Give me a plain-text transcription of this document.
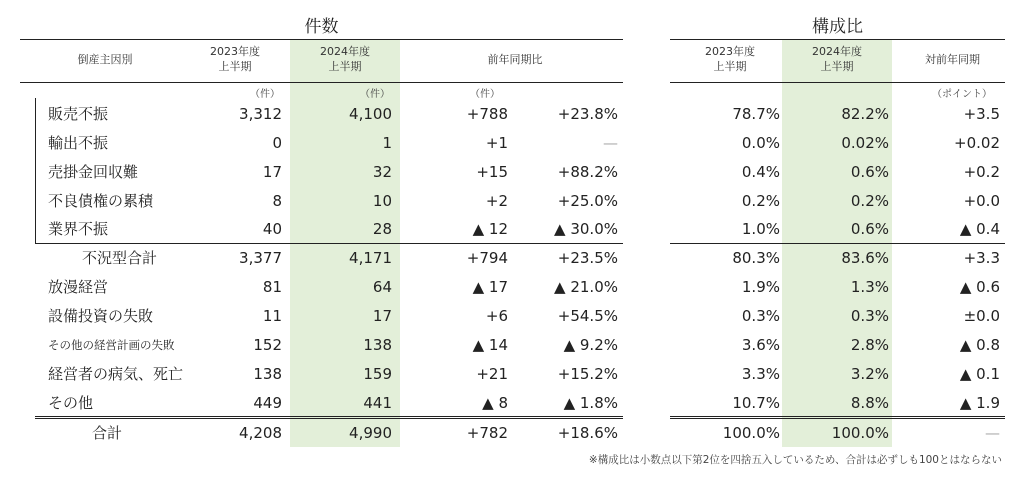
件数	構成比
倒産主因別
2023年度
上半期
2024年度
上半期
前年同期比
2023年度
上半期
2024年度
上半期
対前年同期
（件）	（件）	（件）	（ポイント）
販売不振	3,312	4,100	+788	+23.8%	78.7%	82.2%	+3.5
輸出不振	0	1	+1	—	0.0%	0.02%	+0.02
売掛金回収難	17	32	+15	+88.2%	0.4%	0.6%	+0.2
不良債権の累積	8	10	+2	+25.0%	0.2%	0.2%	+0.0
業界不振	40	28	▲ 12	▲ 30.0%	1.0%	0.6%	▲ 0.4
不況型合計	3,377	4,171	+794	+23.5%	80.3%	83.6%	+3.3
放漫経営	81	64	▲ 17	▲ 21.0%	1.9%	1.3%	▲ 0.6
設備投資の失敗	11	17	+6	+54.5%	0.3%	0.3%	±0.0
その他の経営計画の失敗	152	138	▲ 14	▲ 9.2%	3.6%	2.8%	▲ 0.8
経営者の病気、死亡	138	159	+21	+15.2%	3.3%	3.2%	▲ 0.1
その他	449	441	▲ 8	▲ 1.8%	10.7%	8.8%	▲ 1.9
合計	4,208	4,990	+782	+18.6%	100.0%	100.0%	—
※構成比は小数点以下第2位を四捨五入しているため、合計は必ずしも100とはならない
